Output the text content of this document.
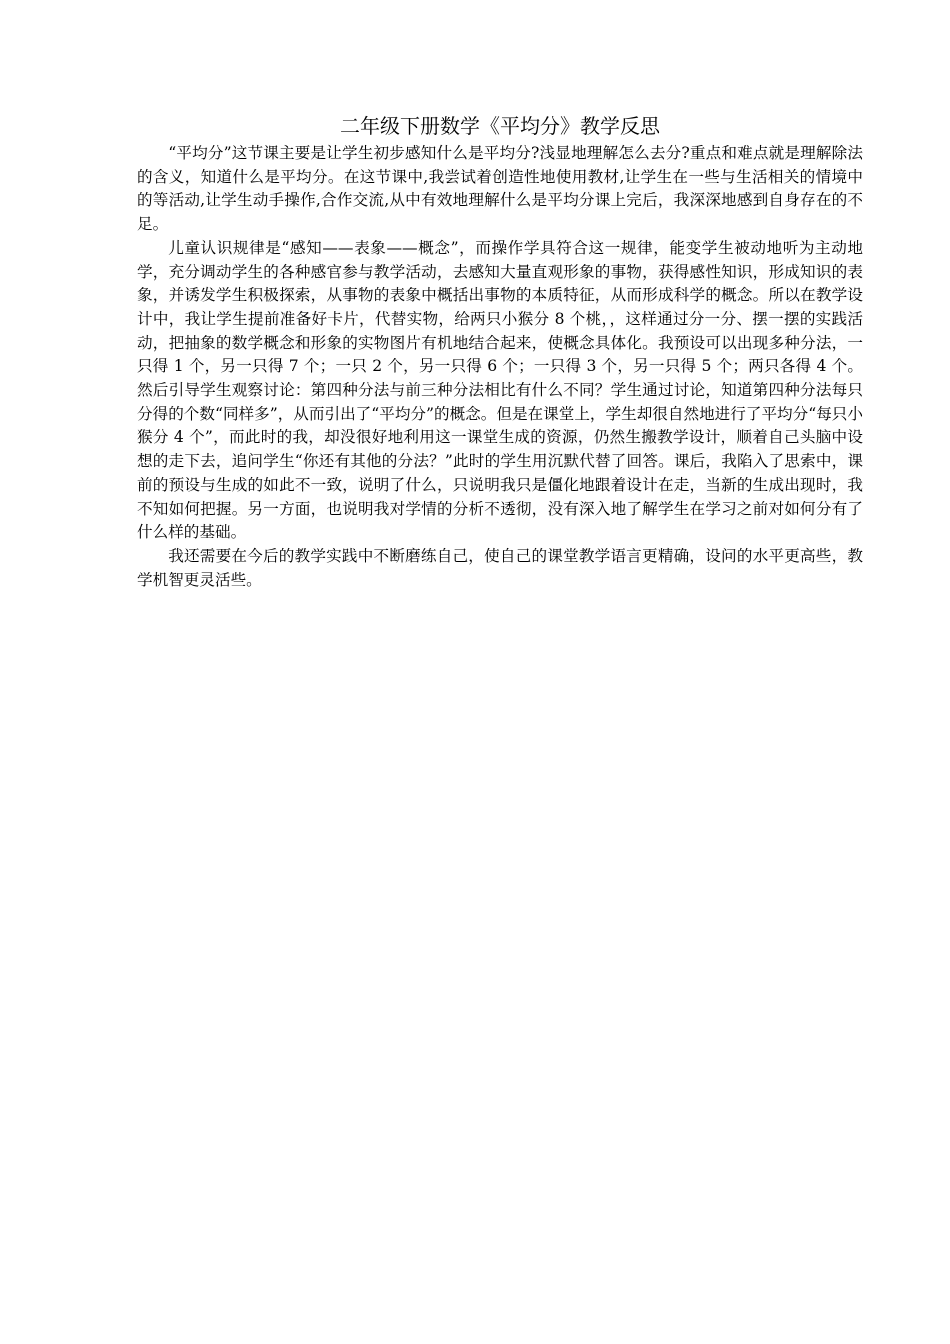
二年级下册数学《平均分》教学反思

“平均分”这节课主要是让学生初步感知什么是平均分?浅显地理解怎么去分?重点和难点就是理解除法的含义，知道什么是平均分。在这节课中,我尝试着创造性地使用教材,让学生在一些与生活相关的情境中的等活动,让学生动手操作,合作交流,从中有效地理解什么是平均分课上完后，我深深地感到自身存在的不足。

儿童认识规律是“感知——表象——概念”，而操作学具符合这一规律，能变学生被动地听为主动地学，充分调动学生的各种感官参与教学活动，去感知大量直观形象的事物，获得感性知识，形成知识的表象，并诱发学生积极探索，从事物的表象中概括出事物的本质特征，从而形成科学的概念。所以在教学设计中，我让学生提前准备好卡片，代替实物，给两只小猴分 8 个桃，，这样通过分一分、摆一摆的实践活动，把抽象的数学概念和形象的实物图片有机地结合起来，使概念具体化。我预设可以出现多种分法，一只得 1 个，另一只得 7 个；一只 2 个，另一只得 6 个；一只得 3 个，另一只得 5 个；两只各得 4 个。然后引导学生观察讨论：第四种分法与前三种分法相比有什么不同？学生通过讨论，知道第四种分法每只分得的个数“同样多”，从而引出了“平均分”的概念。但是在课堂上，学生却很自然地进行了平均分“每只小猴分 4 个”，而此时的我，却没很好地利用这一课堂生成的资源，仍然生搬教学设计，顺着自己头脑中设想的走下去，追问学生“你还有其他的分法？”此时的学生用沉默代替了回答。课后，我陷入了思索中，课前的预设与生成的如此不一致，说明了什么，只说明我只是僵化地跟着设计在走，当新的生成出现时，我不知如何把握。另一方面，也说明我对学情的分析不透彻，没有深入地了解学生在学习之前对如何分有了什么样的基础。

我还需要在今后的教学实践中不断磨练自己，使自己的课堂教学语言更精确，设问的水平更高些，教学机智更灵活些。
